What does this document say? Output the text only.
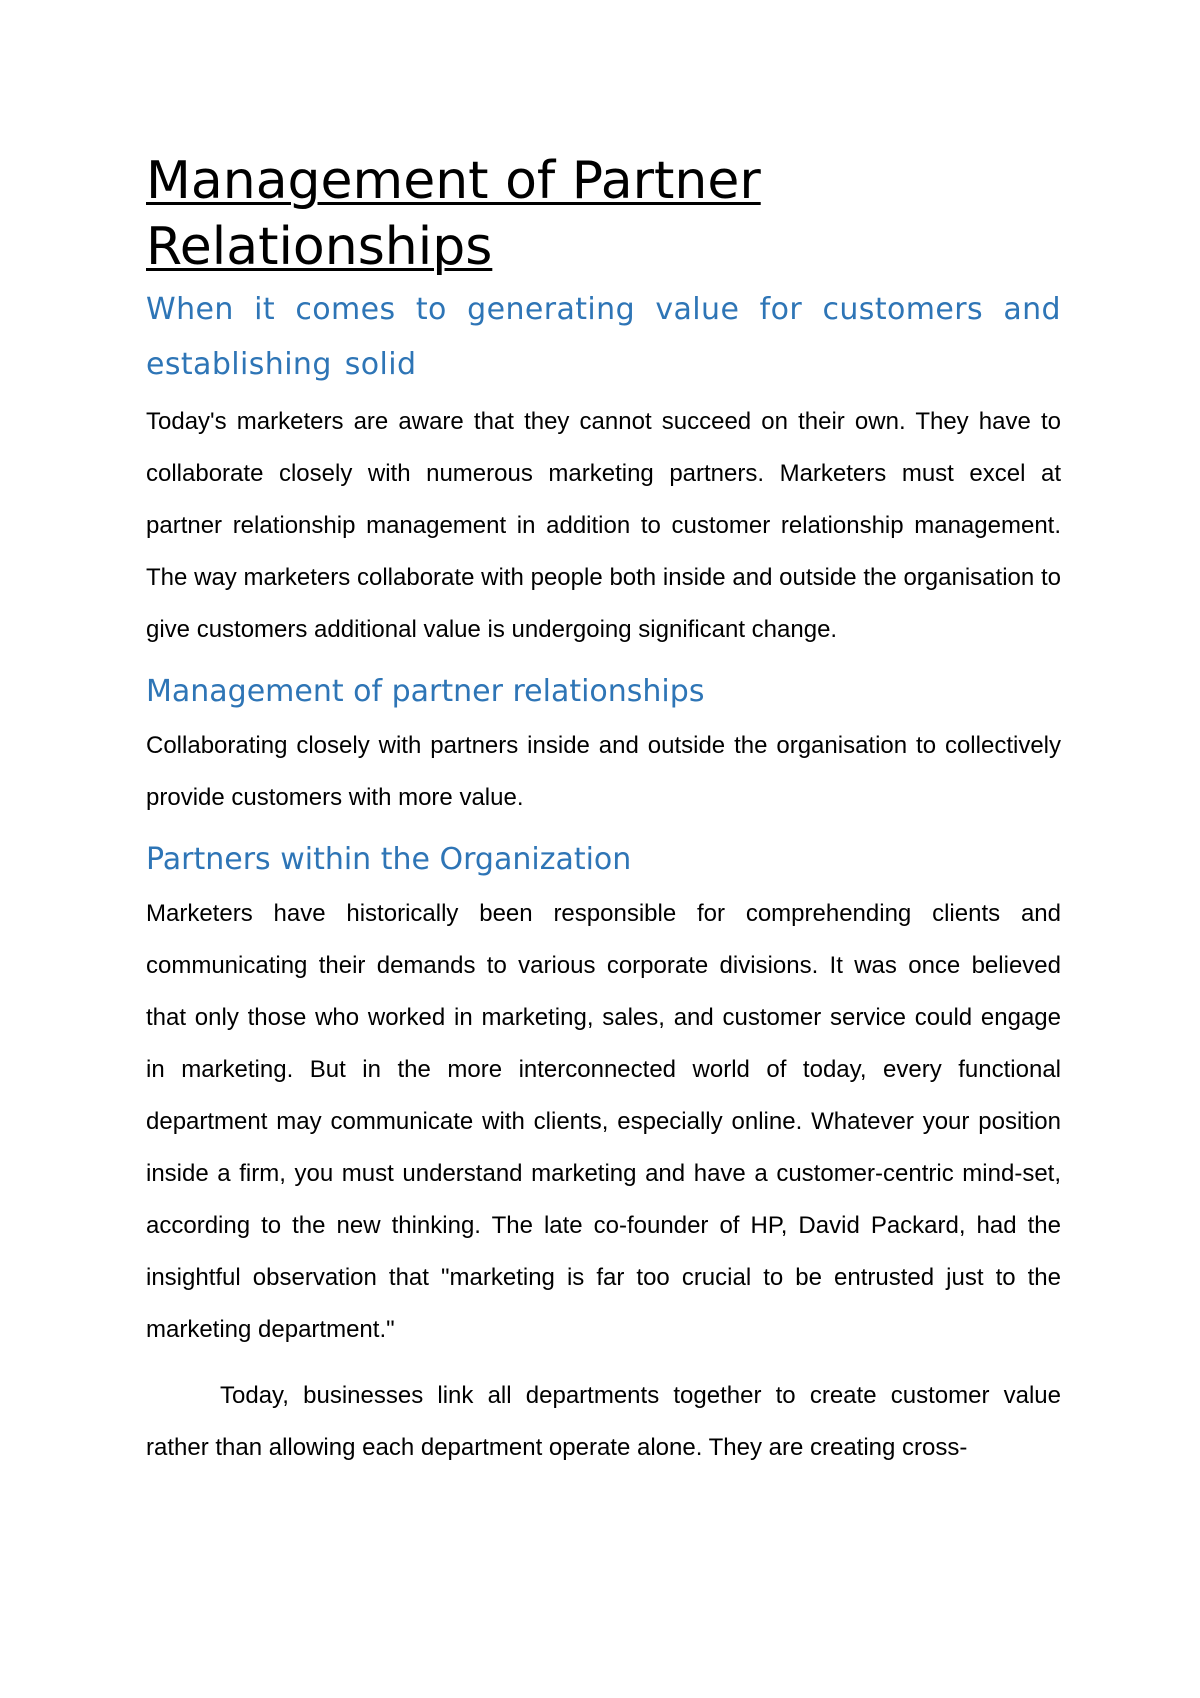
Management of Partner Relationships

When it comes to generating value for customers and establishing solid

Today's marketers are aware that they cannot succeed on their own. They have to collaborate closely with numerous marketing partners. Marketers must excel at partner relationship management in addition to customer relationship management. The way marketers collaborate with people both inside and outside the organisation to give customers additional value is undergoing significant change.

Management of partner relationships

Collaborating closely with partners inside and outside the organisation to collectively provide customers with more value.

Partners within the Organization

Marketers have historically been responsible for comprehending clients and communicating their demands to various corporate divisions. It was once believed that only those who worked in marketing, sales, and customer service could engage in marketing. But in the more interconnected world of today, every functional department may communicate with clients, especially online. Whatever your position inside a firm, you must understand marketing and have a customer-centric mind-set, according to the new thinking. The late co-founder of HP, David Packard, had the insightful observation that "marketing is far too crucial to be entrusted just to the marketing department."

Today, businesses link all departments together to create customer value rather than allowing each department operate alone. They are creating cross-
